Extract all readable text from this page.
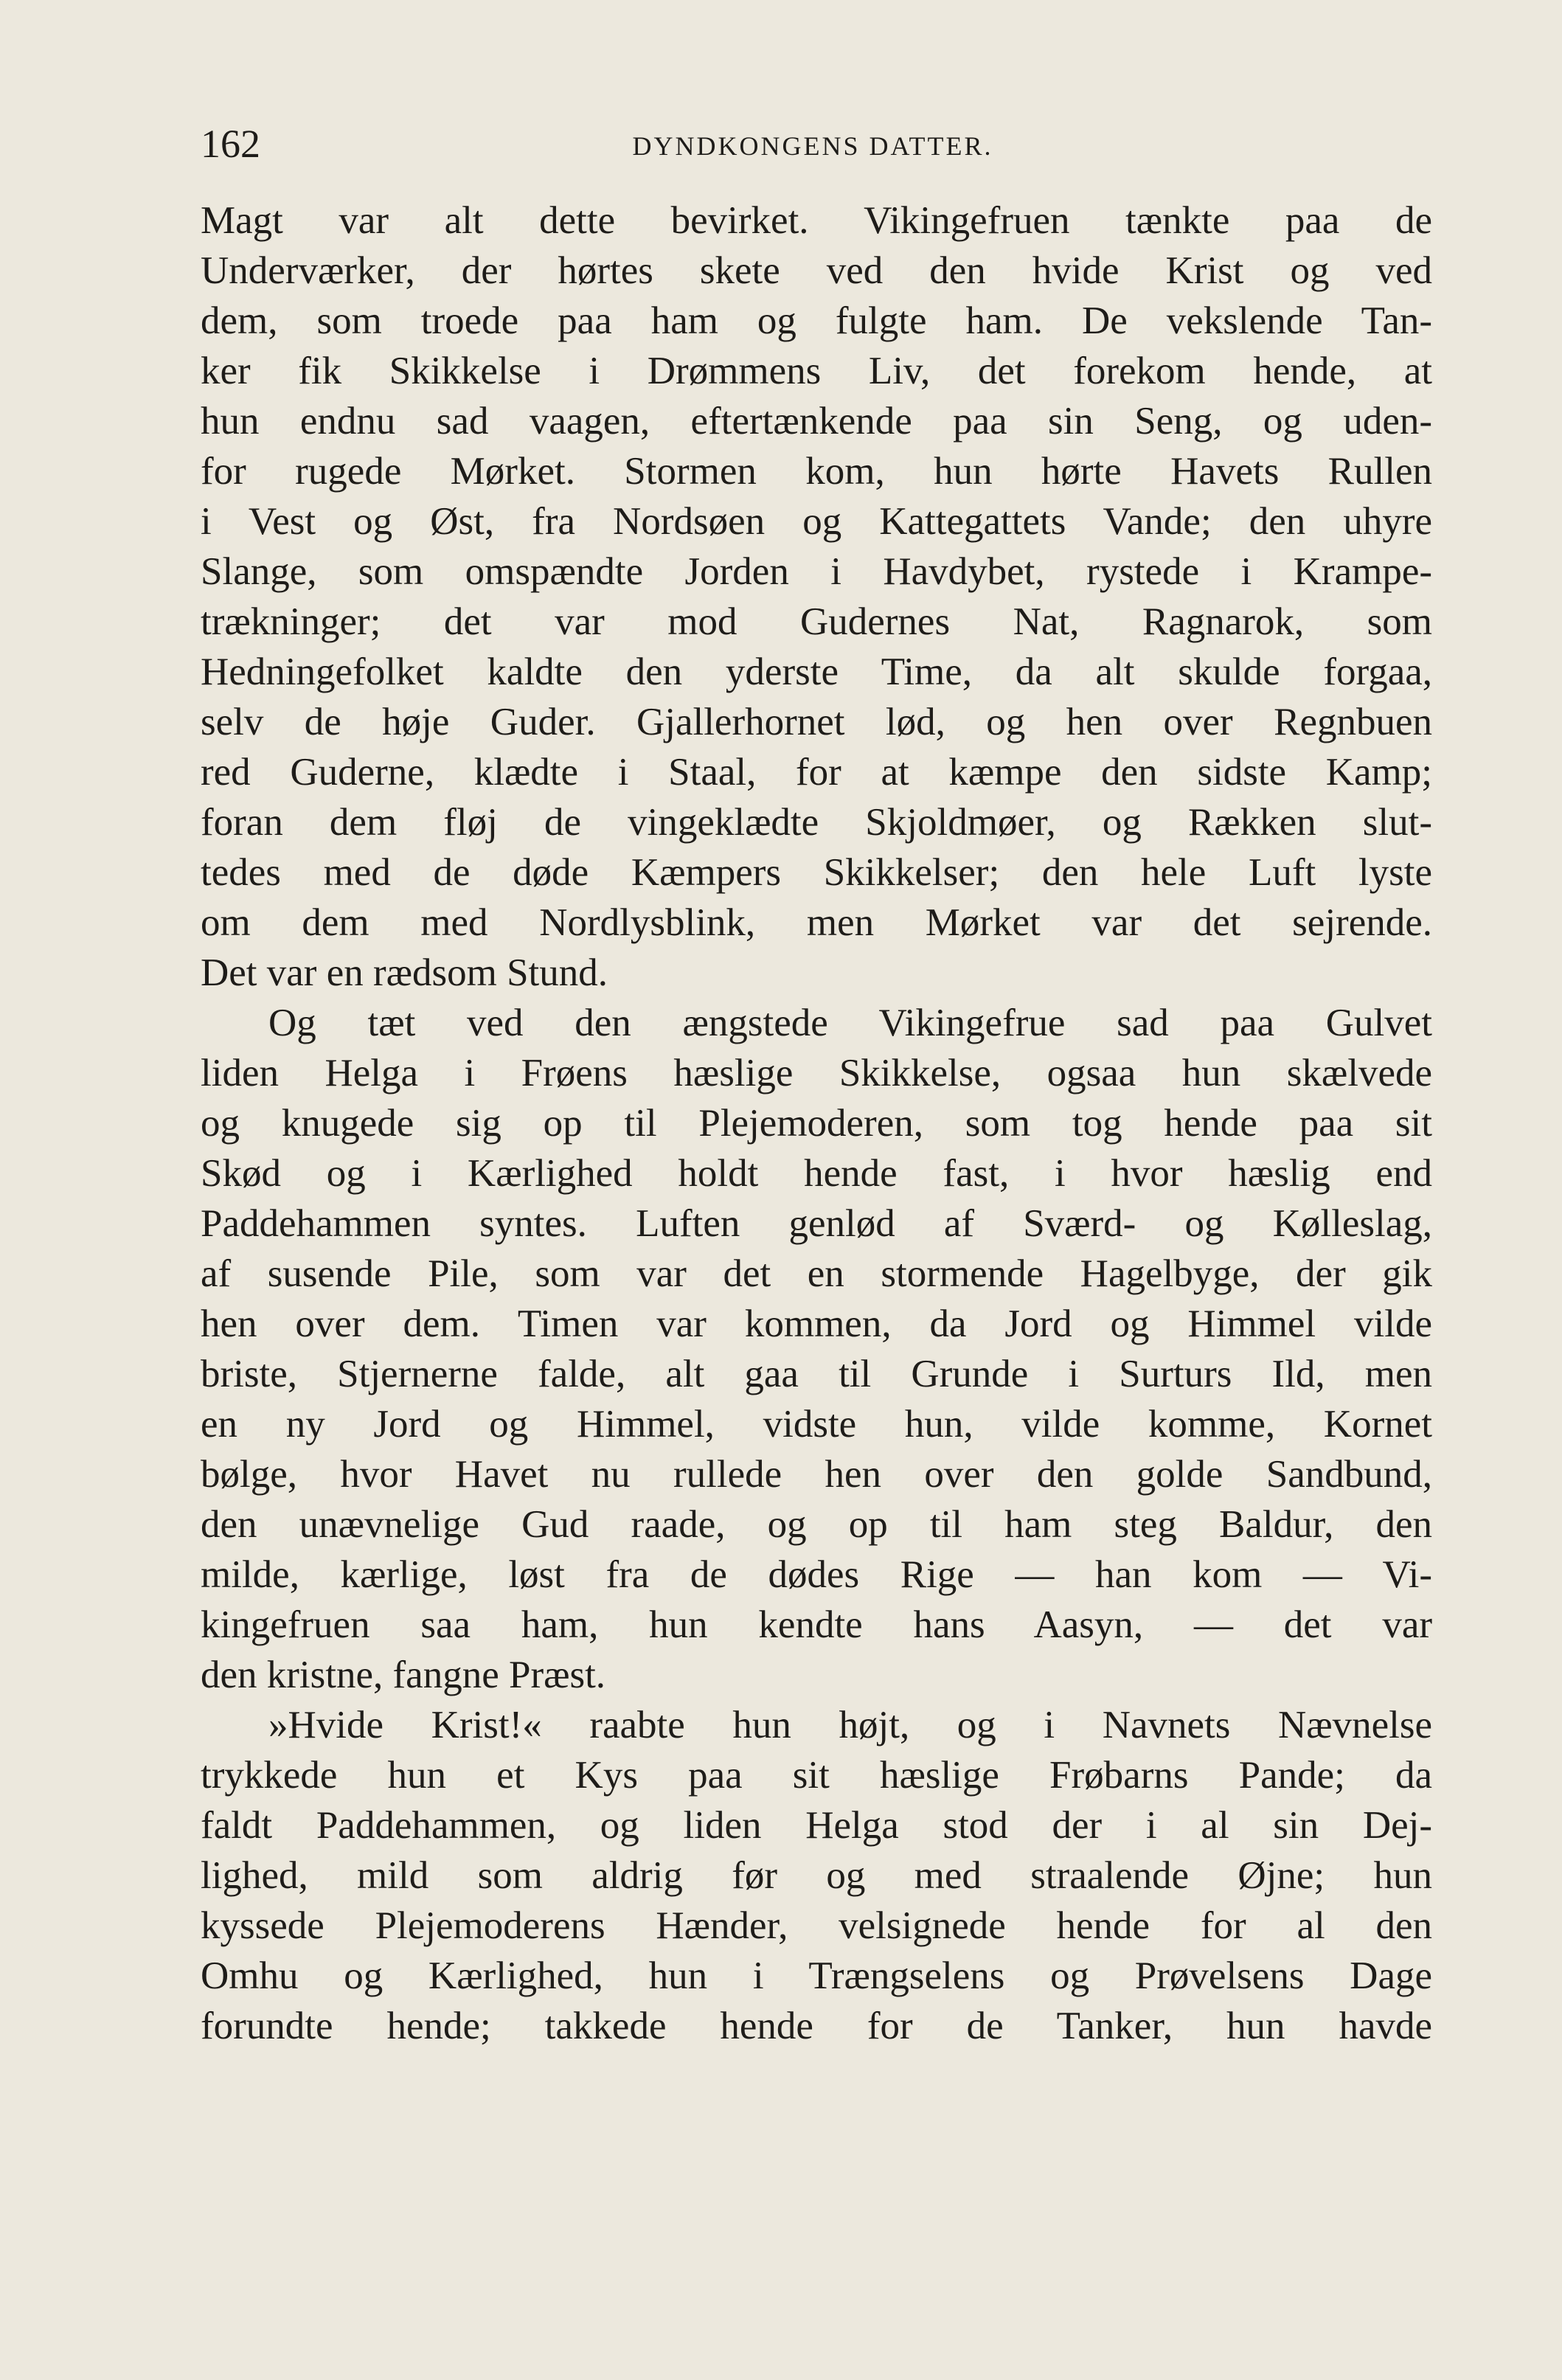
162	DYNDKONGENS DATTER.
Magt var alt dette bevirket. Vikingefruen tænkte paa de
Underværker, der hørtes skete ved den hvide Krist og ved
dem, som troede paa ham og fulgte ham. De vekslende Tan-
ker fik Skikkelse i Drømmens Liv, det forekom hende, at
hun endnu sad vaagen, eftertænkende paa sin Seng, og uden-
for rugede Mørket. Stormen kom, hun hørte Havets Rullen
i Vest og Øst, fra Nordsøen og Kattegattets Vande; den uhyre
Slange, som omspændte Jorden i Havdybet, rystede i Krampe-
trækninger; det var mod Gudernes Nat, Ragnarok, som
Hedningefolket kaldte den yderste Time, da alt skulde forgaa,
selv de høje Guder. Gjallerhornet lød, og hen over Regnbuen
red Guderne, klædte i Staal, for at kæmpe den sidste Kamp;
foran dem fløj de vingeklædte Skjoldmøer, og Rækken slut-
tedes med de døde Kæmpers Skikkelser; den hele Luft lyste
om dem med Nordlysblink, men Mørket var det sejrende.
Det var en rædsom Stund.
Og tæt ved den ængstede Vikingefrue sad paa Gulvet
liden Helga i Frøens hæslige Skikkelse, ogsaa hun skælvede
og knugede sig op til Plejemoderen, som tog hende paa sit
Skød og i Kærlighed holdt hende fast, i hvor hæslig end
Paddehammen syntes. Luften genlød af Sværd- og Kølleslag,
af susende Pile, som var det en stormende Hagelbyge, der gik
hen over dem. Timen var kommen, da Jord og Himmel vilde
briste, Stjernerne falde, alt gaa til Grunde i Surturs Ild, men
en ny Jord og Himmel, vidste hun, vilde komme, Kornet
bølge, hvor Havet nu rullede hen over den golde Sandbund,
den unævnelige Gud raade, og op til ham steg Baldur, den
milde, kærlige, løst fra de dødes Rige — han kom — Vi-
kingefruen saa ham, hun kendte hans Aasyn, — det var
den kristne, fangne Præst.
»Hvide Krist!« raabte hun højt, og i Navnets Nævnelse
trykkede hun et Kys paa sit hæslige Frøbarns Pande; da
faldt Paddehammen, og liden Helga stod der i al sin Dej-
lighed, mild som aldrig før og med straalende Øjne; hun
kyssede Plejemoderens Hænder, velsignede hende for al den
Omhu og Kærlighed, hun i Trængselens og Prøvelsens Dage
forundte hende; takkede hende for de Tanker, hun havde
